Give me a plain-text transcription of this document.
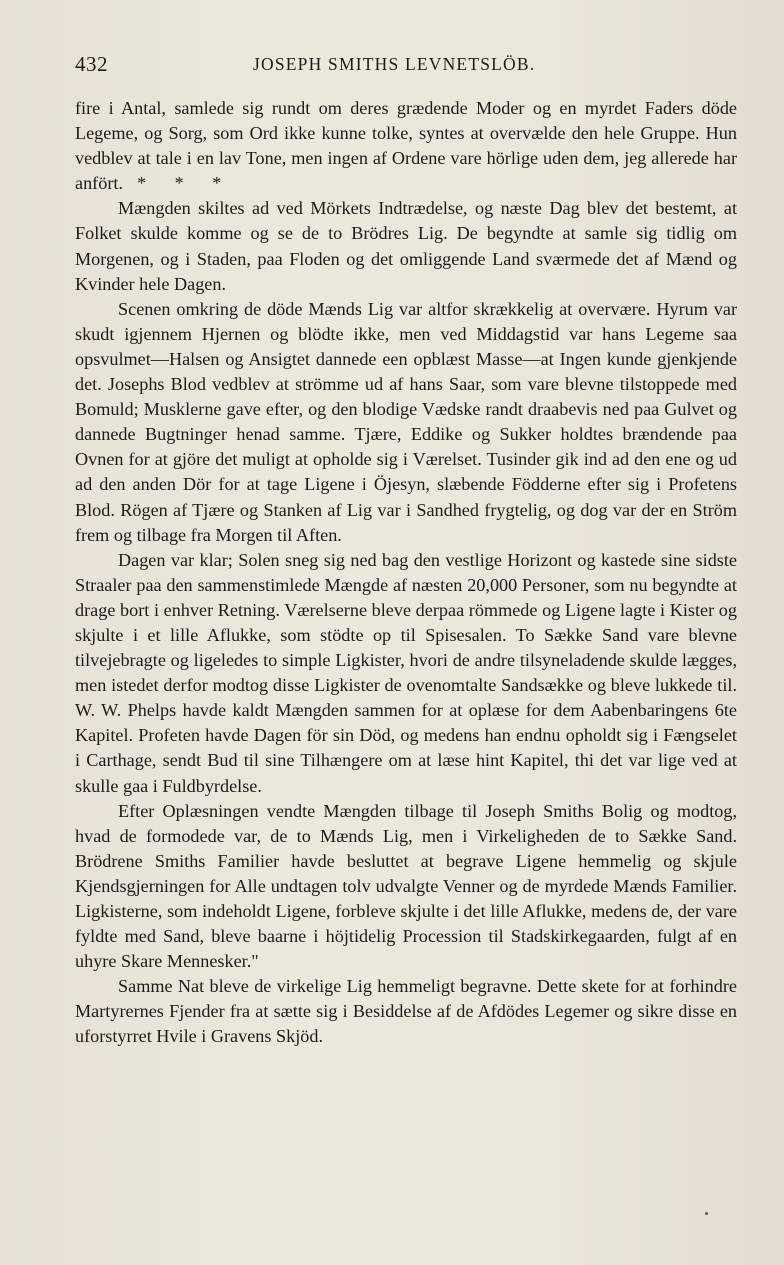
432	JOSEPH SMITHS LEVNETSLÖB.

fire i Antal, samlede sig rundt om deres grædende Moder og en myrdet Faders döde Legeme, og Sorg, som Ord ikke kunne tolke, syntes at overvælde den hele Gruppe. Hun vedblev at tale i en lav Tone, men ingen af Ordene vare hörlige uden dem, jeg allerede har anfört. * * *

Mængden skiltes ad ved Mörkets Indtrædelse, og næste Dag blev det bestemt, at Folket skulde komme og se de to Brödres Lig. De begyndte at samle sig tidlig om Morgenen, og i Staden, paa Floden og det omliggende Land sværmede det af Mænd og Kvinder hele Dagen.

Scenen omkring de döde Mænds Lig var altfor skrækkelig at overvære. Hyrum var skudt igjennem Hjernen og blödte ikke, men ved Middagstid var hans Legeme saa opsvulmet—Halsen og Ansigtet dannede een opblæst Masse—at Ingen kunde gjenkjende det. Josephs Blod vedblev at strömme ud af hans Saar, som vare blevne tilstoppede med Bomuld; Musklerne gave efter, og den blodige Vædske randt draabevis ned paa Gulvet og dannede Bugtninger henad samme. Tjære, Eddike og Sukker holdtes brændende paa Ovnen for at gjöre det muligt at opholde sig i Værelset. Tusinder gik ind ad den ene og ud ad den anden Dör for at tage Ligene i Öjesyn, slæbende Födderne efter sig i Profetens Blod. Rögen af Tjære og Stanken af Lig var i Sandhed frygtelig, og dog var der en Ström frem og tilbage fra Morgen til Aften.

Dagen var klar; Solen sneg sig ned bag den vestlige Horizont og kastede sine sidste Straaler paa den sammenstimlede Mængde af næsten 20,000 Personer, som nu begyndte at drage bort i enhver Retning. Værelserne bleve derpaa römmede og Ligene lagte i Kister og skjulte i et lille Aflukke, som stödte op til Spisesalen. To Sække Sand vare blevne tilvejebragte og ligeledes to simple Ligkister, hvori de andre tilsyneladende skulde lægges, men istedet derfor modtog disse Ligkister de ovenomtalte Sandsække og bleve lukkede til. W. W. Phelps havde kaldt Mængden sammen for at oplæse for dem Aabenbaringens 6te Kapitel. Profeten havde Dagen för sin Död, og medens han endnu opholdt sig i Fængselet i Carthage, sendt Bud til sine Tilhængere om at læse hint Kapitel, thi det var lige ved at skulle gaa i Fuldbyrdelse.

Efter Oplæsningen vendte Mængden tilbage til Joseph Smiths Bolig og modtog, hvad de formodede var, de to Mænds Lig, men i Virkeligheden de to Sække Sand. Brödrene Smiths Familier havde besluttet at begrave Ligene hemmelig og skjule Kjendsgjerningen for Alle undtagen tolv udvalgte Venner og de myrdede Mænds Familier. Ligkisterne, som indeholdt Ligene, forbleve skjulte i det lille Aflukke, medens de, der vare fyldte med Sand, bleve baarne i höjtidelig Procession til Stadskirkegaarden, fulgt af en uhyre Skare Mennesker."

Samme Nat bleve de virkelige Lig hemmeligt begravne. Dette skete for at forhindre Martyrernes Fjender fra at sætte sig i Besiddelse af de Afdödes Legemer og sikre disse en uforstyrret Hvile i Gravens Skjöd.
